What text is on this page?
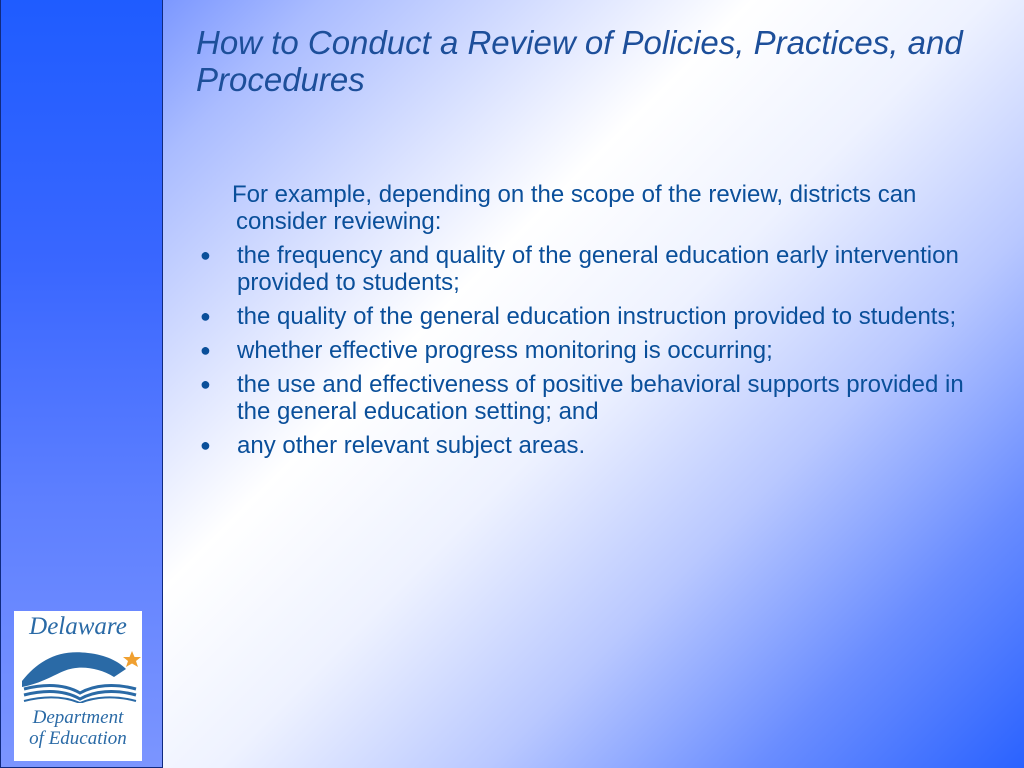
Delaware
Department
of Education
How to Conduct a Review of Policies, Practices, and Procedures

For example, depending on the scope of the review, districts can consider reviewing:

● the frequency and quality of the general education early intervention provided to students;
● the quality of the general education instruction provided to students;
● whether effective progress monitoring is occurring;
● the use and effectiveness of positive behavioral supports provided in the general education setting; and
● any other relevant subject areas.
